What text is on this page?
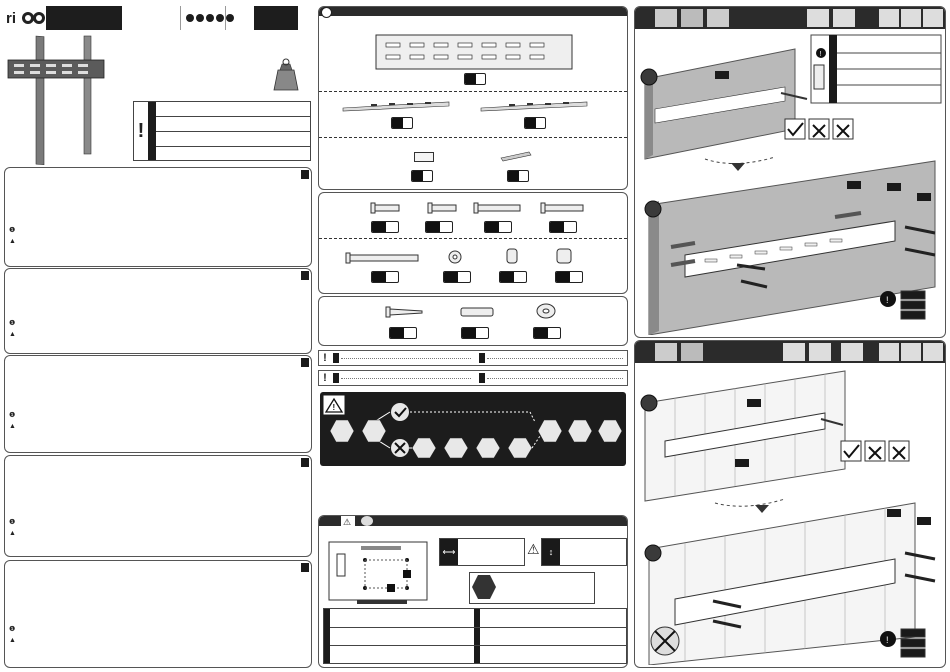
ri
!
❶
▲
❶
▲
❶
▲
❶
▲
❶
▲
!
!
!
⚠
⟷	⚠	↕
!
!
!
